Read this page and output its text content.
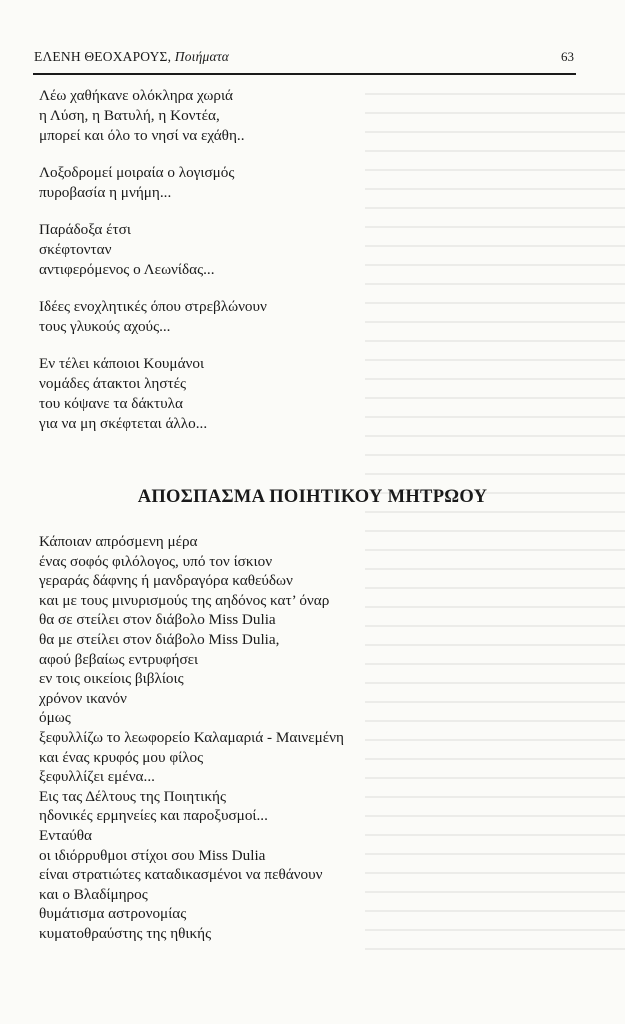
ΕΛΕΝΗ ΘΕΟΧΑΡΟΥΣ, Ποιήματα	63
Λέω χαθήκανε ολόκληρα χωριά
η Λύση, η Βατυλή, η Κοντέα,
μπορεί και όλο το νησί να εχάθη..
Λοξοδρομεί μοιραία ο λογισμός
πυροβασία η μνήμη...
Παράδοξα έτσι
σκέφτονταν
αντιφερόμενος ο Λεωνίδας...
Ιδέες ενοχλητικές όπου στρεβλώνουν
τους γλυκούς αχούς...
Εν τέλει κάποιοι Κουμάνοι
νομάδες άτακτοι ληστές
του κόψανε τα δάκτυλα
για να μη σκέφτεται άλλο...
ΑΠΟΣΠΑΣΜΑ ΠΟΙΗΤΙΚΟΥ ΜΗΤΡΩΟΥ
Κάποιαν απρόσμενη μέρα
ένας σοφός φιλόλογος, υπό τον ίσκιον
γεραράς δάφνης ή μανδραγόρα καθεύδων
και με τους μινυρισμούς της αηδόνος κατ’ όναρ
θα σε στείλει στον διάβολο Miss Dulia
θα με στείλει στον διάβολο Miss Dulia,
αφού βεβαίως εντρυφήσει
εν τοις οικείοις βιβλίοις
χρόνον ικανόν
όμως
ξεφυλλίζω το λεωφορείο Καλαμαριά - Μαινεμένη
και ένας κρυφός μου φίλος
ξεφυλλίζει εμένα...
Εις τας Δέλτους της Ποιητικής
ηδονικές ερμηνείες και παροξυσμοί...
Ενταύθα
οι ιδιόρρυθμοι στίχοι σου Miss Dulia
είναι στρατιώτες καταδικασμένοι να πεθάνουν
και ο Βλαδίμηρος
θυμάτισμα αστρονομίας
κυματοθραύστης της ηθικής
